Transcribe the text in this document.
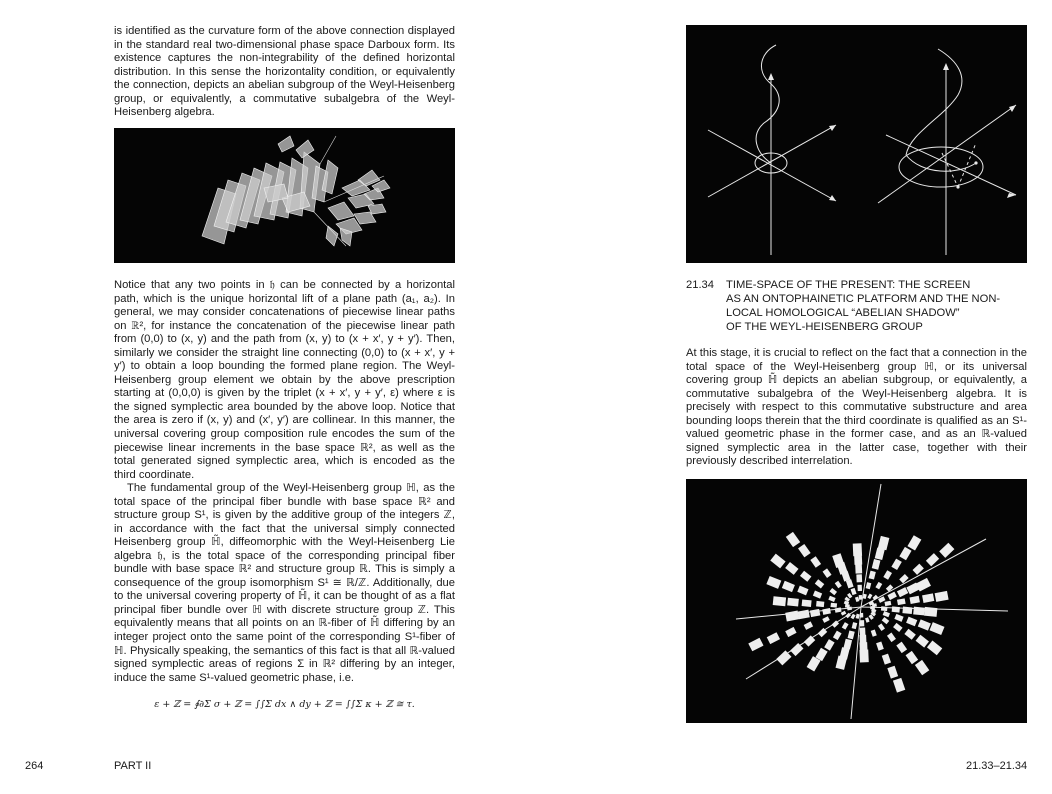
is identified as the curvature form of the above connection displayed in the standard real two-dimensional phase space Darboux form. Its existence captures the non-integrability of the defined horizontal distribution. In this sense the horizontality condition, or equivalently the connection, depicts an abelian subgroup of the Weyl-Heisenberg group, or equivalently, a commutative subalgebra of the Weyl-Heisenberg algebra.
Notice that any two points in 𝔥 can be connected by a horizontal path, which is the unique horizontal lift of a plane path (a₁, a₂). In general, we may consider concatenations of piecewise linear paths on ℝ², for instance the concatenation of the piecewise linear path from (0,0) to (x, y) and the path from (x, y) to (x + x′, y + y′). Then, similarly we consider the straight line connecting (0,0) to (x + x′, y + y′) to obtain a loop bounding the formed plane region. The Weyl-Heisenberg group element we obtain by the above prescription starting at (0,0,0) is given by the triplet (x + x′, y + y′, ε) where ε is the signed symplectic area bounded by the above loop. Notice that the area is zero if (x, y) and (x′, y′) are collinear. In this manner, the universal covering group composition rule encodes the sum of the piecewise linear increments in the base space ℝ², as well as the total generated signed symplectic area, which is encoded as the third coordinate.
The fundamental group of the Weyl-Heisenberg group ℍ, as the total space of the principal fiber bundle with base space ℝ² and structure group S¹, is given by the additive group of the integers ℤ, in accordance with the fact that the universal simply connected Heisenberg group ℍ̃, diffeomorphic with the Weyl-Heisenberg Lie algebra 𝔥, is the total space of the corresponding principal fiber bundle with base space ℝ² and structure group ℝ. This is simply a consequence of the group isomorphism S¹ ≅ ℝ/ℤ. Additionally, due to the universal covering property of ℍ̃, it can be thought of as a flat principal fiber bundle over ℍ with discrete structure group ℤ. This equivalently means that all points on an ℝ-fiber of ℍ̃ differing by an integer project onto the same point of the corresponding S¹-fiber of ℍ. Physically speaking, the semantics of this fact is that all ℝ-valued signed symplectic areas of regions Σ in ℝ² differing by an integer, induce the same S¹-valued geometric phase, i.e.
ε + ℤ = ∮∂Σ σ + ℤ = ∫∫Σ dx ∧ dy + ℤ = ∫∫Σ κ + ℤ ≅ τ.
21.34 TIME-SPACE OF THE PRESENT: THE SCREEN
AS AN ONTOPHAINETIC PLATFORM AND THE NON-
LOCAL HOMOLOGICAL “ABELIAN SHADOW”
OF THE WEYL-HEISENBERG GROUP
At this stage, it is crucial to reflect on the fact that a connection in the total space of the Weyl-Heisenberg group ℍ, or its universal covering group ℍ̃ depicts an abelian subgroup, or equivalently, a commutative subalgebra of the Weyl-Heisenberg algebra. It is precisely with respect to this commutative substructure and area bounding loops therein that the third coordinate is qualified as an S¹-valued geometric phase in the former case, and as an ℝ-valued signed symplectic area in the latter case, together with their previously described interrelation.
264	PART II	21.33–21.34
